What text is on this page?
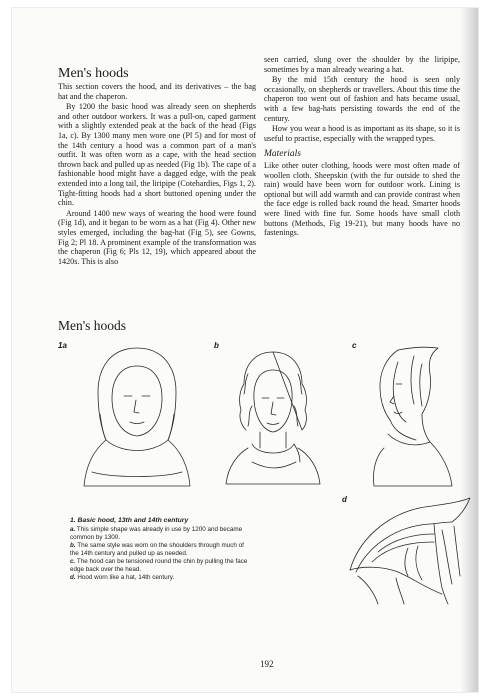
Men's hoods

This section covers the hood, and its derivatives – the bag hat and the chaperon.

By 1200 the basic hood was already seen on shepherds and other outdoor workers. It was a pull-on, caped garment with a slightly extended peak at the back of the head (Figs 1a, c). By 1300 many men wore one (Pl 5) and for most of the 14th century a hood was a common part of a man's outfit. It was often worn as a cape, with the head section thrown back and pulled up as needed (Fig 1b). The cape of a fashionable hood might have a dagged edge, with the peak extended into a long tail, the liripipe (Cotehardies, Figs 1, 2). Tight-fitting hoods had a short buttoned opening under the chin.

Around 1400 new ways of wearing the hood were found (Fig 1d), and it began to be worn as a hat (Fig 4). Other new styles emerged, including the bag-hat (Fig 5), see Gowns, Fig 2; Pl 18. A prominent example of the transformation was the chaperon (Fig 6; Pls 12, 19), which appeared about the 1420s. This is also

seen carried, slung over the shoulder by the liripipe, sometimes by a man already wearing a hat.

By the mid 15th century the hood is seen only occasionally, on shepherds or travellers. About this time the chaperon too went out of fashion and hats became usual, with a few bag-hats persisting towards the end of the century.

How you wear a hood is as important as its shape, so it is useful to practise, especially with the wrapped types.

Materials

Like other outer clothing, hoods were most often made of woollen cloth. Sheepskin (with the fur outside to shed the rain) would have been worn for outdoor work. Lining is optional but will add warmth and can provide contrast when the face edge is rolled back round the head. Smarter hoods were lined with fine fur. Some hoods have small cloth buttons (Methods, Fig 19-21), but many hoods have no fastenings.

Men's hoods
1a	b	c
d
1. Basic hood, 13th and 14th century

a. This simple shape was already in use by 1200 and became common by 1300.

b. The same style was worn on the shoulders through much of the 14th century and pulled up as needed.

c. The hood can be tensioned round the chin by pulling the face edge back over the head.

d. Hood worn like a hat, 14th century.

192
